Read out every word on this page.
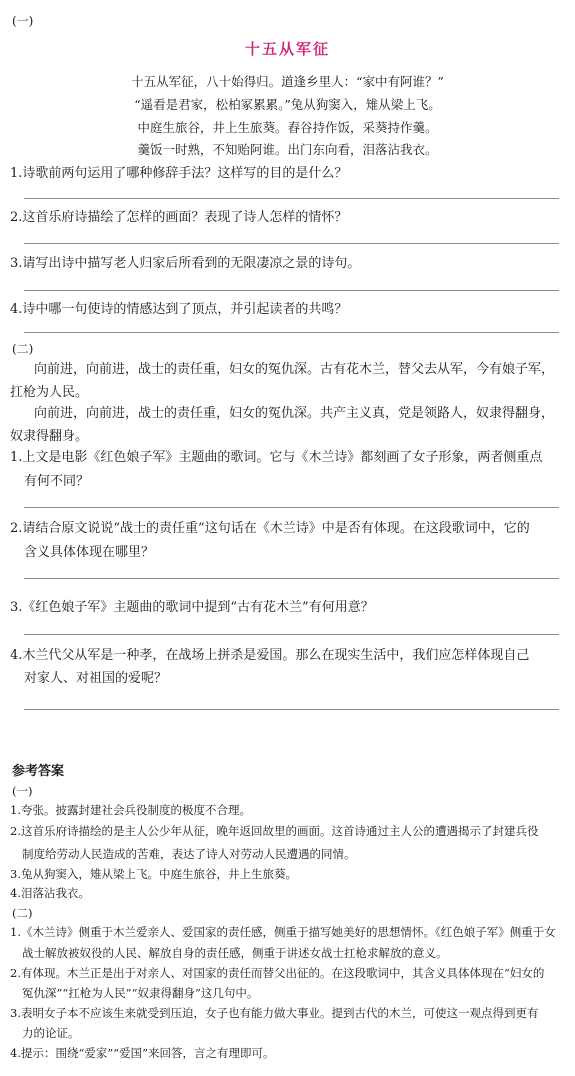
(一)
十五从军征
十五从军征，八十始得归。道逢乡里人：“家中有阿谁？”
“遥看是君家，松柏冢累累。”兔从狗窦入，雉从梁上飞。
中庭生旅谷，井上生旅葵。舂谷持作饭，采葵持作羹。
羹饭一时熟，不知贻阿谁。出门东向看，泪落沾我衣。
1.诗歌前两句运用了哪种修辞手法？这样写的目的是什么？
2.这首乐府诗描绘了怎样的画面？表现了诗人怎样的情怀？
3.请写出诗中描写老人归家后所看到的无限凄凉之景的诗句。
4.诗中哪一句使诗的情感达到了顶点，并引起读者的共鸣？
(二)
向前进，向前进，战士的责任重，妇女的冤仇深。古有花木兰，替父去从军，今有娘子军，
扛枪为人民。
向前进，向前进，战士的责任重，妇女的冤仇深。共产主义真，党是领路人，奴隶得翻身，
奴隶得翻身。
1.上文是电影《红色娘子军》主题曲的歌词。它与《木兰诗》都刻画了女子形象，两者侧重点
有何不同？
2.请结合原文说说“战士的责任重”这句话在《木兰诗》中是否有体现。在这段歌词中，它的
含义具体体现在哪里？
3.《红色娘子军》主题曲的歌词中提到“古有花木兰”有何用意？
4.木兰代父从军是一种孝，在战场上拼杀是爱国。那么在现实生活中，我们应怎样体现自己
对家人、对祖国的爱呢？
参考答案
(一)
1.夸张。披露封建社会兵役制度的极度不合理。
2.这首乐府诗描绘的是主人公少年从征，晚年返回故里的画面。这首诗通过主人公的遭遇揭示了封建兵役
制度给劳动人民造成的苦难，表达了诗人对劳动人民遭遇的同情。
3.兔从狗窦入，雉从梁上飞。中庭生旅谷，井上生旅葵。
4.泪落沾我衣。
(二)
1.《木兰诗》侧重于木兰爱亲人、爱国家的责任感，侧重于描写她美好的思想情怀。《红色娘子军》侧重于女
战士解放被奴役的人民、解放自身的责任感，侧重于讲述女战士扛枪求解放的意义。
2.有体现。木兰正是出于对亲人、对国家的责任而替父出征的。在这段歌词中，其含义具体体现在“妇女的
冤仇深”“扛枪为人民”“奴隶得翻身”这几句中。
3.表明女子本不应该生来就受到压迫，女子也有能力做大事业。提到古代的木兰，可使这一观点得到更有
力的论证。
4.提示：围绕“爱家”“爱国”来回答，言之有理即可。
